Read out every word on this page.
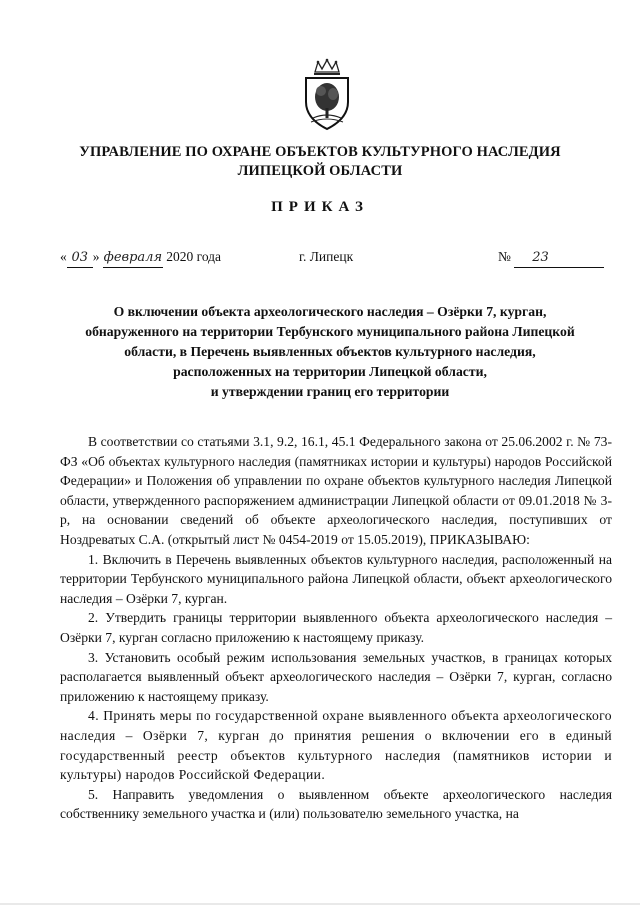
УПРАВЛЕНИЕ ПО ОХРАНЕ ОБЪЕКТОВ КУЛЬТУРНОГО НАСЛЕДИЯ
ЛИПЕЦКОЙ ОБЛАСТИ
ПРИКАЗ
« 03 » февраля 2020 года	г. Липецк	№ 23
О включении объекта археологического наследия – Озёрки 7, курган,
обнаруженного на территории Тербунского муниципального района Липецкой
области, в Перечень выявленных объектов культурного наследия,
расположенных на территории Липецкой области,
и утверждении границ его территории

В соответствии со статьями 3.1, 9.2, 16.1, 45.1 Федерального закона от 25.06.2002 г. № 73-ФЗ «Об объектах культурного наследия (памятниках истории и культуры) народов Российской Федерации» и Положения об управлении по охране объектов культурного наследия Липецкой области, утвержденного распоряжением администрации Липецкой области от 09.01.2018 № 3-р, на основании сведений об объекте археологического наследия, поступивших от Ноздреватых С.А. (открытый лист № 0454-2019 от 15.05.2019), ПРИКАЗЫВАЮ:

1. Включить в Перечень выявленных объектов культурного наследия, расположенный на территории Тербунского муниципального района Липецкой области, объект археологического наследия – Озёрки 7, курган.

2. Утвердить границы территории выявленного объекта археологического наследия – Озёрки 7, курган согласно приложению к настоящему приказу.

3. Установить особый режим использования земельных участков, в границах которых располагается выявленный объект археологического наследия – Озёрки 7, курган, согласно приложению к настоящему приказу.

4. Принять меры по государственной охране выявленного объекта археологического наследия – Озёрки 7, курган до принятия решения о включении его в единый государственный реестр объектов культурного наследия (памятников истории и культуры) народов Российской Федерации.

5. Направить уведомления о выявленном объекте археологического наследия собственнику земельного участка и (или) пользователю земельного участка, на
